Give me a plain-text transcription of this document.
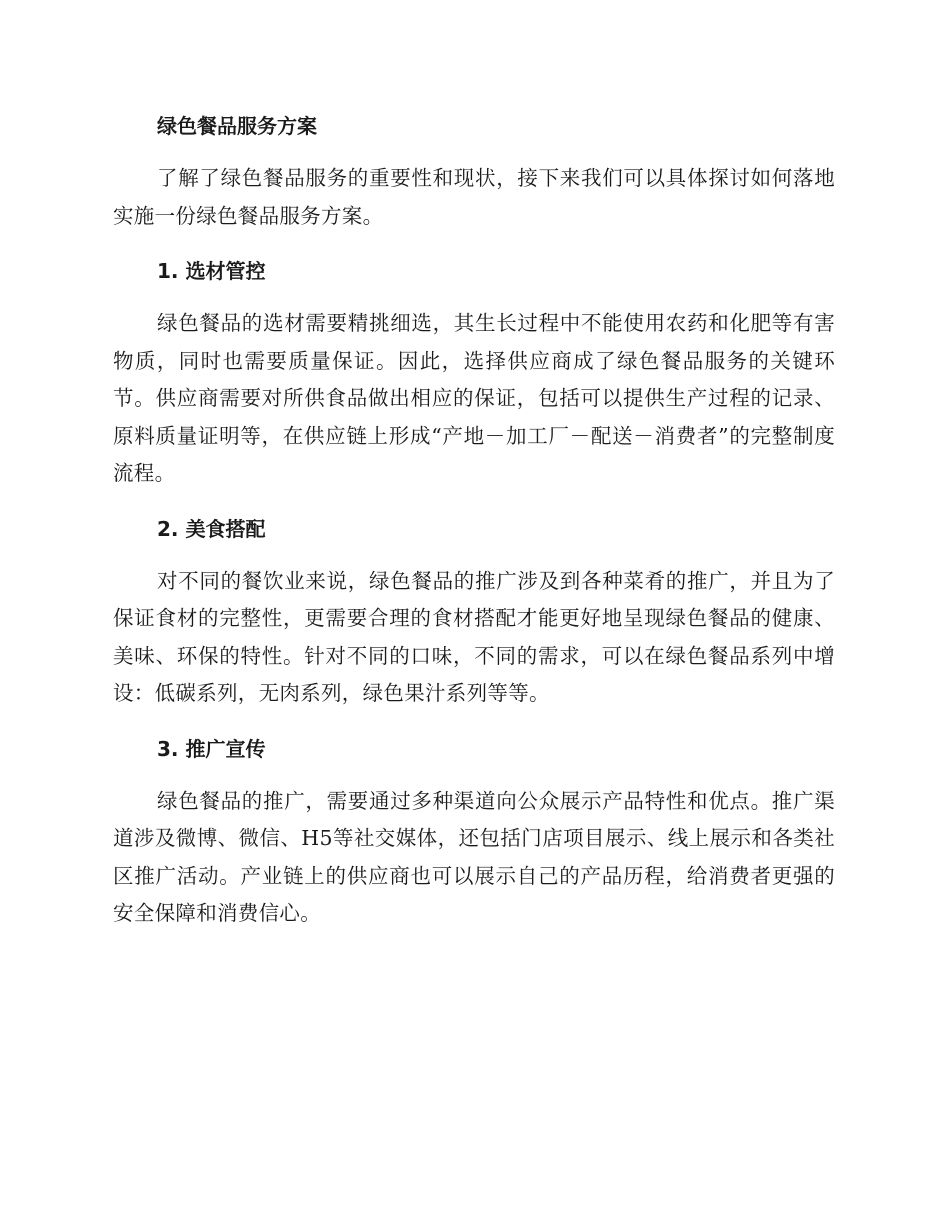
绿色餐品服务方案

了解了绿色餐品服务的重要性和现状，接下来我们可以具体探讨如何落地实施一份绿色餐品服务方案。

1. 选材管控

绿色餐品的选材需要精挑细选，其生长过程中不能使用农药和化肥等有害物质，同时也需要质量保证。因此，选择供应商成了绿色餐品服务的关键环节。供应商需要对所供食品做出相应的保证，包括可以提供生产过程的记录、原料质量证明等，在供应链上形成“产地－加工厂－配送－消费者”的完整制度流程。

2. 美食搭配

对不同的餐饮业来说，绿色餐品的推广涉及到各种菜肴的推广，并且为了保证食材的完整性，更需要合理的食材搭配才能更好地呈现绿色餐品的健康、美味、环保的特性。针对不同的口味，不同的需求，可以在绿色餐品系列中增设：低碳系列，无肉系列，绿色果汁系列等等。

3. 推广宣传

绿色餐品的推广，需要通过多种渠道向公众展示产品特性和优点。推广渠道涉及微博、微信、H5等社交媒体，还包括门店项目展示、线上展示和各类社区推广活动。产业链上的供应商也可以展示自己的产品历程，给消费者更强的安全保障和消费信心。
